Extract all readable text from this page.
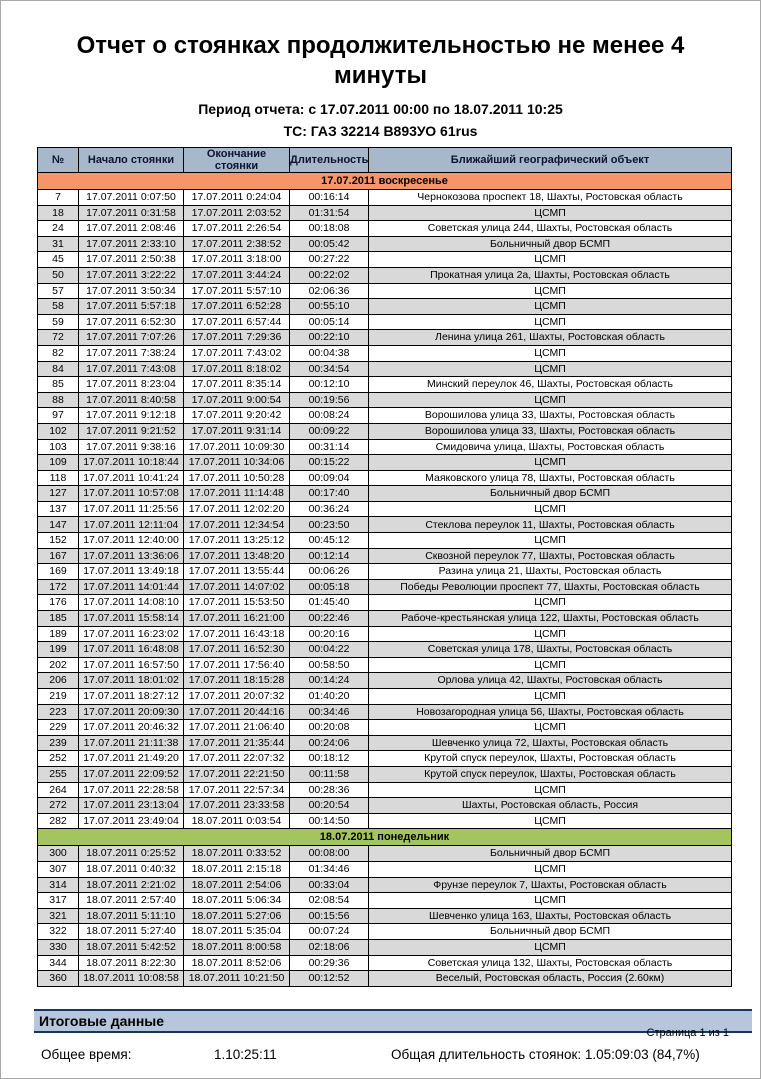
Отчет о стоянках продолжительностью не менее 4 минуты
Период отчета: с 17.07.2011 00:00 по 18.07.2011 10:25
ТС: ГАЗ 32214 В893УО 61rus
№	Начало стоянки	Окончание стоянки	Длительность	Ближайший географический объект
17.07.2011 воскресенье				
7	17.07.2011 0:07:50	17.07.2011 0:24:04	00:16:14	Чернокозова проспект 18, Шахты, Ростовская область
18	17.07.2011 0:31:58	17.07.2011 2:03:52	01:31:54	ЦСМП
24	17.07.2011 2:08:46	17.07.2011 2:26:54	00:18:08	Советская улица 244, Шахты, Ростовская область
31	17.07.2011 2:33:10	17.07.2011 2:38:52	00:05:42	Больничный двор БСМП
45	17.07.2011 2:50:38	17.07.2011 3:18:00	00:27:22	ЦСМП
50	17.07.2011 3:22:22	17.07.2011 3:44:24	00:22:02	Прокатная улица 2а, Шахты, Ростовская область
57	17.07.2011 3:50:34	17.07.2011 5:57:10	02:06:36	ЦСМП
58	17.07.2011 5:57:18	17.07.2011 6:52:28	00:55:10	ЦСМП
59	17.07.2011 6:52:30	17.07.2011 6:57:44	00:05:14	ЦСМП
72	17.07.2011 7:07:26	17.07.2011 7:29:36	00:22:10	Ленина улица 261, Шахты, Ростовская область
82	17.07.2011 7:38:24	17.07.2011 7:43:02	00:04:38	ЦСМП
84	17.07.2011 7:43:08	17.07.2011 8:18:02	00:34:54	ЦСМП
85	17.07.2011 8:23:04	17.07.2011 8:35:14	00:12:10	Минский переулок 46, Шахты, Ростовская область
88	17.07.2011 8:40:58	17.07.2011 9:00:54	00:19:56	ЦСМП
97	17.07.2011 9:12:18	17.07.2011 9:20:42	00:08:24	Ворошилова улица 33, Шахты, Ростовская область
102	17.07.2011 9:21:52	17.07.2011 9:31:14	00:09:22	Ворошилова улица 33, Шахты, Ростовская область
103	17.07.2011 9:38:16	17.07.2011 10:09:30	00:31:14	Смидовича улица, Шахты, Ростовская область
109	17.07.2011 10:18:44	17.07.2011 10:34:06	00:15:22	ЦСМП
118	17.07.2011 10:41:24	17.07.2011 10:50:28	00:09:04	Маяковского улица 78, Шахты, Ростовская область
127	17.07.2011 10:57:08	17.07.2011 11:14:48	00:17:40	Больничный двор БСМП
137	17.07.2011 11:25:56	17.07.2011 12:02:20	00:36:24	ЦСМП
147	17.07.2011 12:11:04	17.07.2011 12:34:54	00:23:50	Стеклова переулок 11, Шахты, Ростовская область
152	17.07.2011 12:40:00	17.07.2011 13:25:12	00:45:12	ЦСМП
167	17.07.2011 13:36:06	17.07.2011 13:48:20	00:12:14	Сквозной переулок 77, Шахты, Ростовская область
169	17.07.2011 13:49:18	17.07.2011 13:55:44	00:06:26	Разина улица 21, Шахты, Ростовская область
172	17.07.2011 14:01:44	17.07.2011 14:07:02	00:05:18	Победы Революции проспект 77, Шахты, Ростовская область
176	17.07.2011 14:08:10	17.07.2011 15:53:50	01:45:40	ЦСМП
185	17.07.2011 15:58:14	17.07.2011 16:21:00	00:22:46	Рабоче-крестьянская улица 122, Шахты, Ростовская область
189	17.07.2011 16:23:02	17.07.2011 16:43:18	00:20:16	ЦСМП
199	17.07.2011 16:48:08	17.07.2011 16:52:30	00:04:22	Советская улица 178, Шахты, Ростовская область
202	17.07.2011 16:57:50	17.07.2011 17:56:40	00:58:50	ЦСМП
206	17.07.2011 18:01:02	17.07.2011 18:15:28	00:14:24	Орлова улица 42, Шахты, Ростовская область
219	17.07.2011 18:27:12	17.07.2011 20:07:32	01:40:20	ЦСМП
223	17.07.2011 20:09:30	17.07.2011 20:44:16	00:34:46	Новозагородная улица 56, Шахты, Ростовская область
229	17.07.2011 20:46:32	17.07.2011 21:06:40	00:20:08	ЦСМП
239	17.07.2011 21:11:38	17.07.2011 21:35:44	00:24:06	Шевченко улица 72, Шахты, Ростовская область
252	17.07.2011 21:49:20	17.07.2011 22:07:32	00:18:12	Крутой спуск переулок, Шахты, Ростовская область
255	17.07.2011 22:09:52	17.07.2011 22:21:50	00:11:58	Крутой спуск переулок, Шахты, Ростовская область
264	17.07.2011 22:28:58	17.07.2011 22:57:34	00:28:36	ЦСМП
272	17.07.2011 23:13:04	17.07.2011 23:33:58	00:20:54	Шахты, Ростовская область, Россия
282	17.07.2011 23:49:04	18.07.2011 0:03:54	00:14:50	ЦСМП
18.07.2011 понедельник				
300	18.07.2011 0:25:52	18.07.2011 0:33:52	00:08:00	Больничный двор БСМП
307	18.07.2011 0:40:32	18.07.2011 2:15:18	01:34:46	ЦСМП
314	18.07.2011 2:21:02	18.07.2011 2:54:06	00:33:04	Фрунзе переулок 7, Шахты, Ростовская область
317	18.07.2011 2:57:40	18.07.2011 5:06:34	02:08:54	ЦСМП
321	18.07.2011 5:11:10	18.07.2011 5:27:06	00:15:56	Шевченко улица 163, Шахты, Ростовская область
322	18.07.2011 5:27:40	18.07.2011 5:35:04	00:07:24	Больничный двор БСМП
330	18.07.2011 5:42:52	18.07.2011 8:00:58	02:18:06	ЦСМП
344	18.07.2011 8:22:30	18.07.2011 8:52:06	00:29:36	Советская улица 132, Шахты, Ростовская область
360	18.07.2011 10:08:58	18.07.2011 10:21:50	00:12:52	Веселый, Ростовская область, Россия (2.60км)
Итоговые данные
Общее время:	1.10:25:11	Общая длительность стоянок: 1.05:09:03 (84,7%)
Страница 1 из 1
